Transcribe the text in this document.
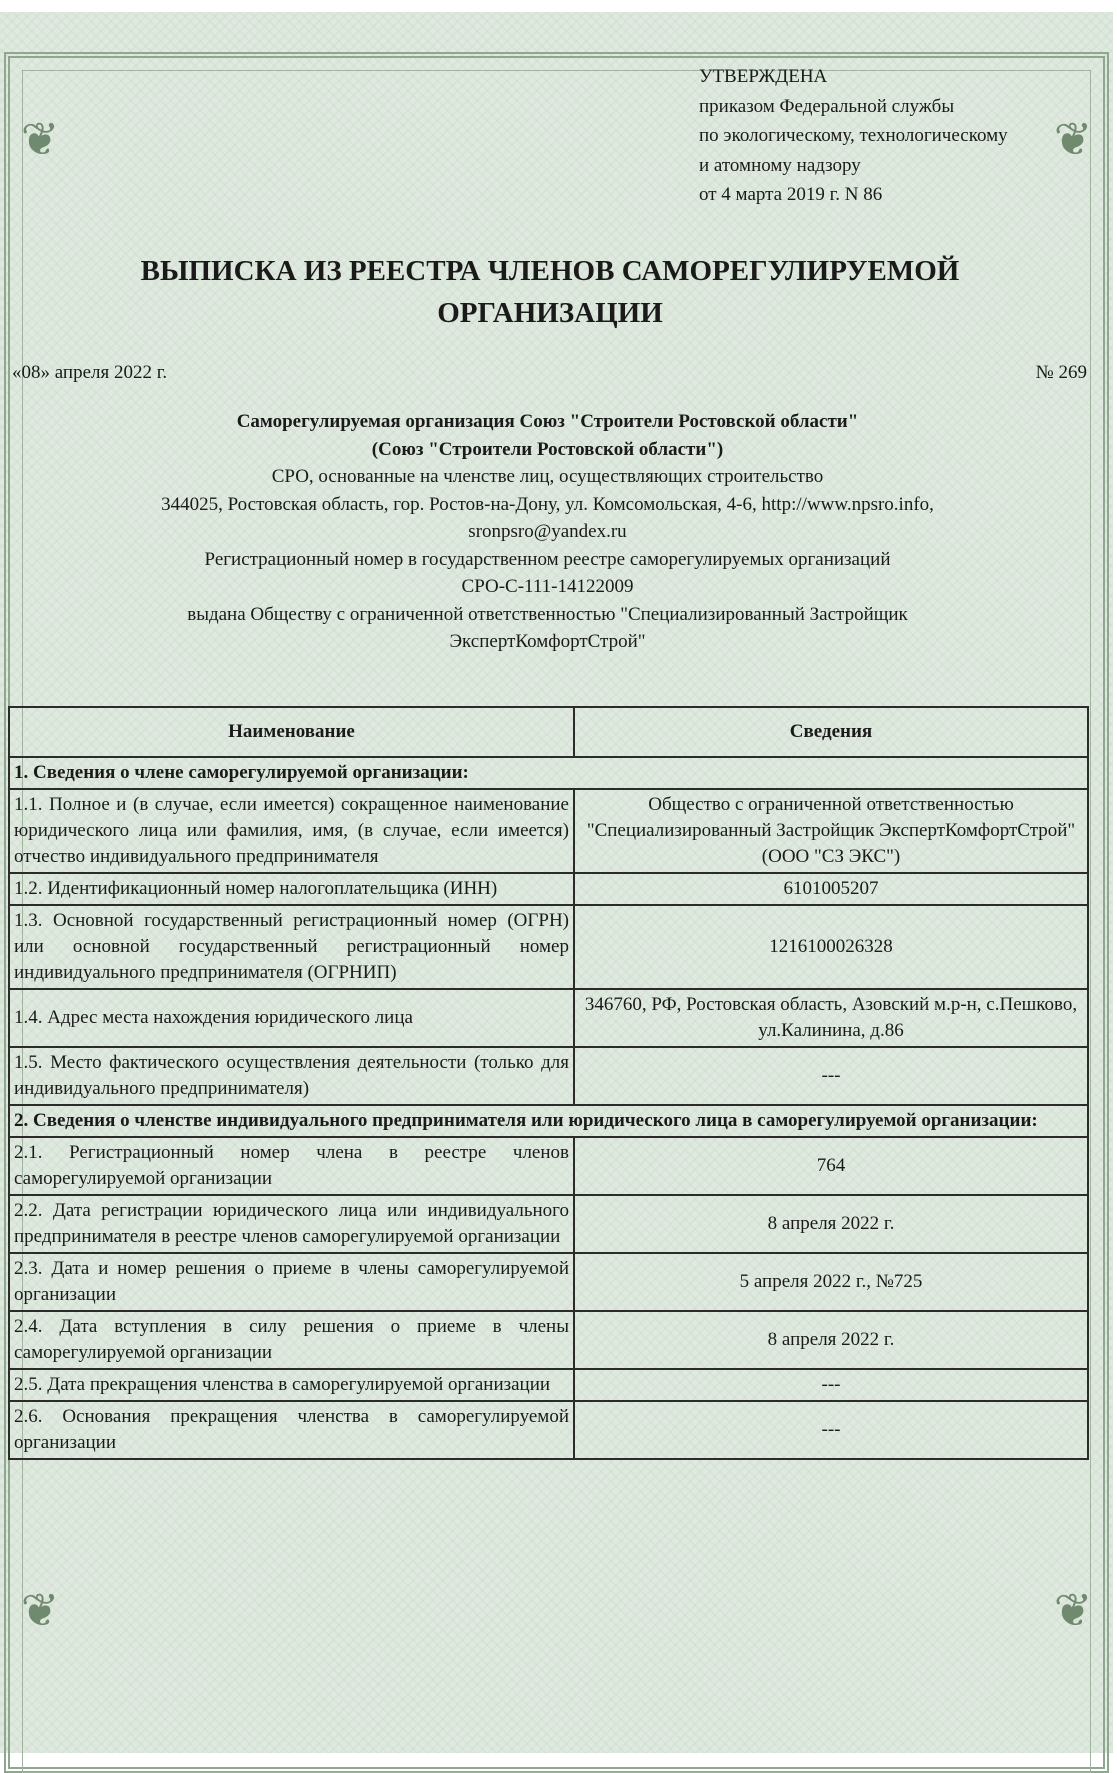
❦	❦
❦	❦
УТВЕРЖДЕНА
приказом Федеральной службы
по экологическому, технологическому
и атомному надзору
от 4 марта 2019 г. N 86
ВЫПИСКА ИЗ РЕЕСТРА ЧЛЕНОВ САМОРЕГУЛИРУЕМОЙ
ОРГАНИЗАЦИИ
«08» апреля 2022 г.	№ 269
Саморегулируемая организация Союз "Строители Ростовской области"
(Союз "Строители Ростовской области")
СРО, основанные на членстве лиц, осуществляющих строительство
344025, Ростовская область, гор. Ростов-на-Дону, ул. Комсомольская, 4-6, http://www.npsro.info,
sronpsro@yandex.ru
Регистрационный номер в государственном реестре саморегулируемых организаций
СРО-С-111-14122009
выдана Обществу с ограниченной ответственностью "Специализированный Застройщик
ЭкспертКомфортСтрой"
Наименование	Сведения
1. Сведения о члене саморегулируемой организации:	
1.1. Полное и (в случае, если имеется) сокращенное наименование юридического лица или фамилия, имя, (в случае, если имеется) отчество индивидуального предпринимателя	Общество с ограниченной ответственностью "Специализированный Застройщик ЭкспертКомфортСтрой" (ООО "СЗ ЭКС")
1.2. Идентификационный номер налогоплательщика (ИНН)	6101005207
1.3. Основной государственный регистрационный номер (ОГРН) или основной государственный регистрационный номер индивидуального предпринимателя (ОГРНИП)	1216100026328
1.4. Адрес места нахождения юридического лица	346760, РФ, Ростовская область, Азовский м.р-н, с.Пешково, ул.Калинина, д.86
1.5. Место фактического осуществления деятельности (только для индивидуального предпринимателя)	---
2. Сведения о членстве индивидуального предпринимателя или юридического лица в саморегулируемой организации:	
2.1. Регистрационный номер члена в реестре членов саморегулируемой организации	764
2.2. Дата регистрации юридического лица или индивидуального предпринимателя в реестре членов саморегулируемой организации	8 апреля 2022 г.
2.3. Дата и номер решения о приеме в члены саморегулируемой организации	5 апреля 2022 г., №725
2.4. Дата вступления в силу решения о приеме в члены саморегулируемой организации	8 апреля 2022 г.
2.5. Дата прекращения членства в саморегулируемой организации	---
2.6. Основания прекращения членства в саморегулируемой организации	---
